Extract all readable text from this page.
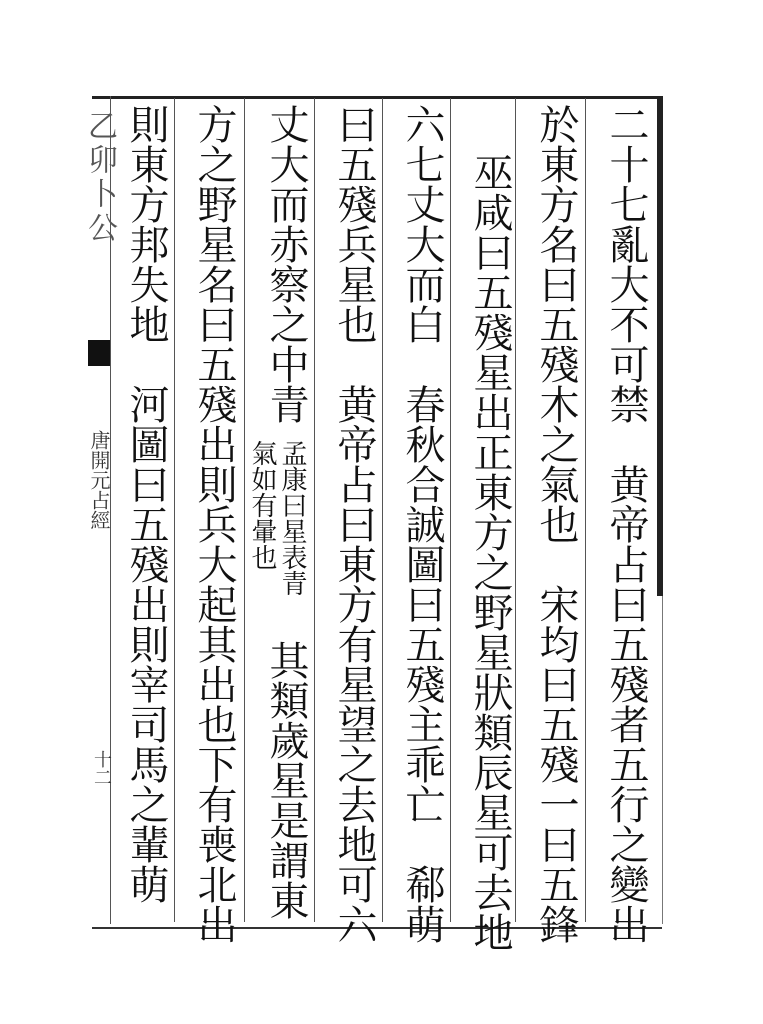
乙卯卜公
唐開元占經
十二	二十七亂大不可禁　黄帝占曰五殘者五行之變出
於東方名曰五殘木之氣也　宋均曰五殘一曰五鋒
巫咸曰五殘星出正東方之野星狀類辰星可去地
六七丈大而白　春秋合誠圖曰五殘主乖亡　郗萌
曰五殘兵星也　黄帝占曰東方有星望之去地可六
丈大而赤察之中青
孟康曰星表青
氣如有暈也
其類歲星是謂東
方之野星名曰五殘出則兵大起其出也下有喪北出
則東方邦失地　河圖曰五殘出則宰司馬之輩萌
